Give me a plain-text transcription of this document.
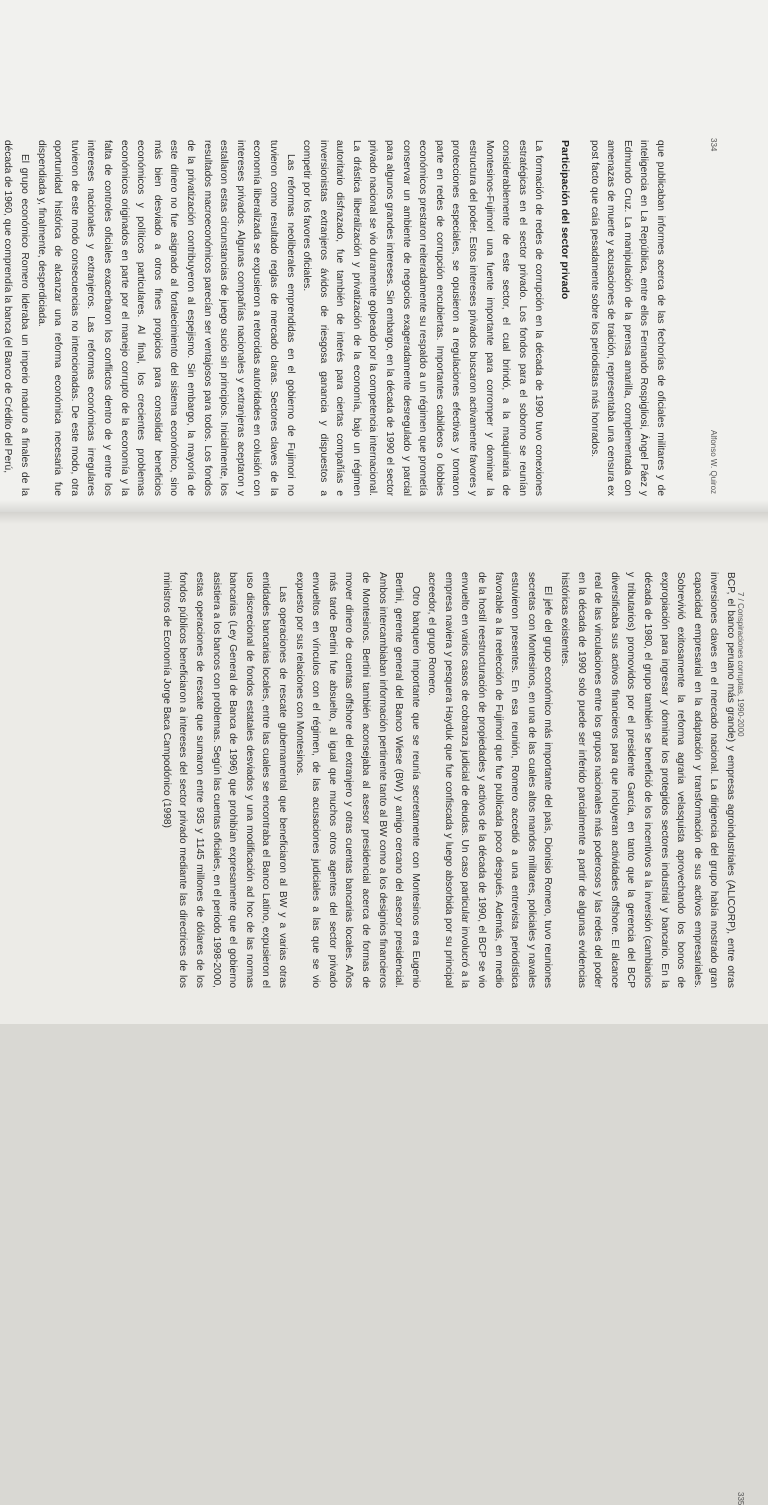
334
Alfonso W. Quiroz

que publicaban informes acerca de las fechorías de oficiales militares y de inteligencia en La República, entre ellos Fernando Rospigliosi, Ángel Páez y Edmundo Cruz. La manipulación de la prensa amarilla, complementada con amenazas de muerte y acusaciones de traición, representaba una censura ex post facto que caía pesadamente sobre los periodistas más honrados.

Participación del sector privado

La formación de redes de corrupción en la década de 1990 tuvo conexiones estratégicas en el sector privado. Los fondos para el soborno se reunían considerablemente de este sector, el cual brindó, a la maquinaria de Montesinos-Fujimori una fuente importante para corromper y dominar la estructura del poder. Estos intereses privados buscaron activamente favores y protecciones especiales, se opusieron a regulaciones efectivas y tomaron parte en redes de corrupción encubiertas. Importantes cabildeos o lobbies económicos prestaron reiteradamente su respaldo a un régimen que prometía conservar un ambiente de negocios exageradamente desregulado y parcial para algunos grandes intereses. Sin embargo, en la década de 1990 el sector privado nacional se vio duramente golpeado por la competencia internacional. La drástica liberalización y privatización de la economía, bajo un régimen autoritario disfrazado, fue también de interés para ciertas compañías e inversionistas extranjeros ávidos de riesgosa ganancia y dispuestos a competir por los favores oficiales.

Las reformas neoliberales emprendidas en el gobierno de Fujimori no tuvieron como resultado reglas de mercado claras. Sectores claves de la economía liberalizada se expusieron a retorcidas autoridades en colusión con intereses privados. Algunas compañías nacionales y extranjeras aceptaron y estallaron estas circunstancias de juego sucio sin principios. Inicialmente, los resultados macroeconómicos parecían ser ventajosos para todos. Los fondos de la privatización contribuyeron al espejismo. Sin embargo, la mayoría de este dinero no fue asignado al fortalecimiento del sistema económico, sino más bien desviado a otros fines propicios para consolidar beneficios económicos y políticos particulares. Al final, los crecientes problemas económicos originados en parte por el manejo corrupto de la economía y la falta de controles oficiales exacerbaron los conflictos dentro de y entre los intereses nacionales y extranjeros. Las reformas económicas irregulares tuvieron de este modo consecuencias no intencionadas. De este modo, otra oportunidad histórica de alcanzar una reforma económica necesaria fue dispendiada y, finalmente, desperdiciada.

El grupo económico Romero lideraba un imperio maduro a finales de la década de 1960, que comprendía la banca (el Banco de Crédito del Perú,

7 / Conspiraciones corruptas, 1990-2000
335

BCP, el banco peruano más grande) y empresas agroindustriales (ALICORP), entre otras inversiones claves en el mercado nacional. La dirigencia del grupo había mostrado gran capacidad empresarial en la adaptación y transformación de sus activos empresariales. Sobrevivió exitosamente la reforma agraria velasquista aprovechando los bonos de expropiación para ingresar y dominar los protegidos sectores industrial y bancario. En la década de 1980, el grupo también se benefició de los incentivos a la inversión (cambiarios y tributarios) promovidos por el presidente García, en tanto que la gerencia del BCP diversificaba sus activos financieros para que incluyeran actividades offshore. El alcance real de las vinculaciones entre los grupos nacionales más poderosos y las redes del poder en la década de 1990 solo puede ser inferido parcialmente a partir de algunas evidencias históricas existentes.

El jefe del grupo económico más importante del país, Dionisio Romero, tuvo reuniones secretas con Montesinos, en una de las cuales altos mandos militares, policiales y navales estuvieron presentes. En esa reunión, Romero accedió a una entrevista periodística favorable a la reelección de Fujimori que fue publicada poco después. Además, en medio de la hostil reestructuración de propiedades y activos de la década de 1990, el BCP se vio envuelto en varios casos de cobranza judicial de deudas. Un caso particular involucró a la empresa naviera y pesquera Hayduk que fue confiscada y luego absorbida por su principal acreedor, el grupo Romero.

Otro banquero importante que se reunía secretamente con Montesinos era Eugenio Bertini, gerente general del Banco Wiese (BW) y amigo cercano del asesor presidencial. Ambos intercambiaban información pertinente tanto al BW como a los designios financieros de Montesinos. Bertini también aconsejaba al asesor presidencial acerca de formas de mover dinero de cuentas offshore del extranjero y otras cuentas bancarias locales. Años más tarde Bertini fue absuelto, al igual que muchos otros agentes del sector privado envueltos en vínculos con el régimen, de las acusaciones judiciales a las que se vio expuesto por sus relaciones con Montesinos.

Las operaciones de rescate gubernamental que beneficiaron al BW y a varias otras entidades bancarias locales, entre las cuales se encontraba el Banco Latino, expusieron el uso discrecional de fondos estatales desviados y una modificación ad hoc de las normas bancarias (Ley General de Banca de 1996) que prohibían expresamente que el gobierno asistiera a los bancos con problemas. Según las cuentas oficiales, en el periodo 1998-2000, estas operaciones de rescate que sumaron entre 935 y 1145 millones de dólares de los fondos públicos beneficiaron a intereses del sector privado mediante las directrices de los ministros de Economía Jorge Baca Campodónico (1998)
